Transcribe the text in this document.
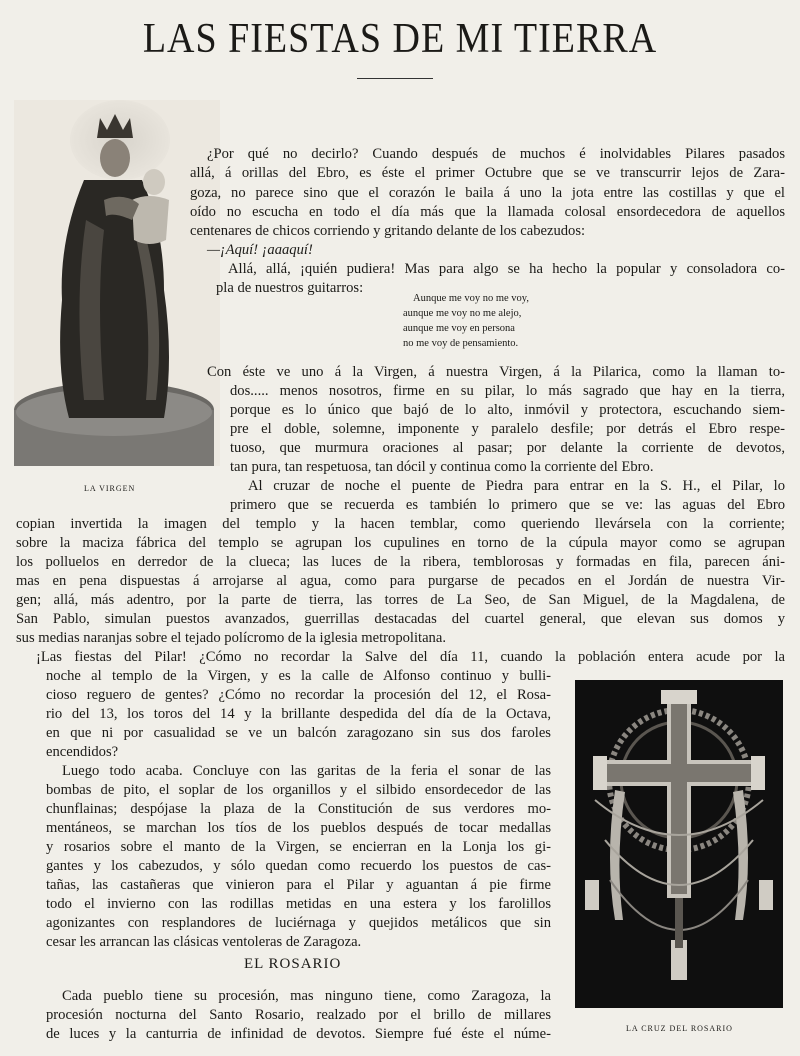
LAS FIESTAS DE MI TIERRA
LA VIRGEN
LA CRUZ DEL ROSARIO
¿Por qué no decirlo? Cuando después de muchos é inolvidables Pilares pasados
allá, á orillas del Ebro, es éste el primer Octubre que se ve transcurrir lejos de Zara-
goza, no parece sino que el corazón le baila á uno la jota entre las costillas y que el
oído no escucha en todo el día más que la llamada colosal ensordecedora de aquellos
centenares de chicos corriendo y gritando delante de los cabezudos:
—¡Aquí! ¡aaaquí!
Allá, allá, ¡quién pudiera! Mas para algo se ha hecho la popular y consoladora co-
pla de nuestros guitarros:
Aunque me voy no me voy,
aunque me voy no me alejo,
aunque me voy en persona
no me voy de pensamiento.
Con éste ve uno á la Virgen, á nuestra Virgen, á la Pilarica, como la llaman to-
dos..... menos nosotros, firme en su pilar, lo más sagrado que hay en la tierra,
porque es lo único que bajó de lo alto, inmóvil y protectora, escuchando siem-
pre el doble, solemne, imponente y paralelo desfile; por detrás el Ebro respe-
tuoso, que murmura oraciones al pasar; por delante la corriente de devotos,
tan pura, tan respetuosa, tan dócil y continua como la corriente del Ebro.
Al cruzar de noche el puente de Piedra para entrar en la S. H., el Pilar, lo
primero que se recuerda es también lo primero que se ve: las aguas del Ebro
copian invertida la imagen del templo y la hacen temblar, como queriendo llevársela con la corriente;
sobre la maciza fábrica del templo se agrupan los cupulines en torno de la cúpula mayor como se agrupan
los polluelos en derredor de la clueca; las luces de la ribera, temblorosas y formadas en fila, parecen áni-
mas en pena dispuestas á arrojarse al agua, como para purgarse de pecados en el Jordán de nuestra Vir-
gen; allá, más adentro, por la parte de tierra, las torres de La Seo, de San Miguel, de la Magdalena, de
San Pablo, simulan puestos avanzados, guerrillas destacadas del cuartel general, que elevan sus domos y
sus medias naranjas sobre el tejado polícromo de la iglesia metropolitana.
¡Las fiestas del Pilar! ¿Cómo no recordar la Salve del día 11, cuando la población entera acude por la
noche al templo de la Virgen, y es la calle de Alfonso continuo y bulli-
cioso reguero de gentes? ¿Cómo no recordar la procesión del 12, el Rosa-
rio del 13, los toros del 14 y la brillante despedida del día de la Octava,
en que ni por casualidad se ve un balcón zaragozano sin sus dos faroles
encendidos?
Luego todo acaba. Concluye con las garitas de la feria el sonar de las
bombas de pito, el soplar de los organillos y el silbido ensordecedor de las
chunflainas; despójase la plaza de la Constitución de sus verdores mo-
mentáneos, se marchan los tíos de los pueblos después de tocar medallas
y rosarios sobre el manto de la Virgen, se encierran en la Lonja los gi-
gantes y los cabezudos, y sólo quedan como recuerdo los puestos de cas-
tañas, las castañeras que vinieron para el Pilar y aguantan á pie firme
todo el invierno con las rodillas metidas en una estera y los farolillos
agonizantes con resplandores de luciérnaga y quejidos metálicos que sin
cesar les arrancan las clásicas ventoleras de Zaragoza.
EL ROSARIO
Cada pueblo tiene su procesión, mas ninguno tiene, como Zaragoza, la
procesión nocturna del Santo Rosario, realzado por el brillo de millares
de luces y la canturria de infinidad de devotos. Siempre fué éste el núme-
